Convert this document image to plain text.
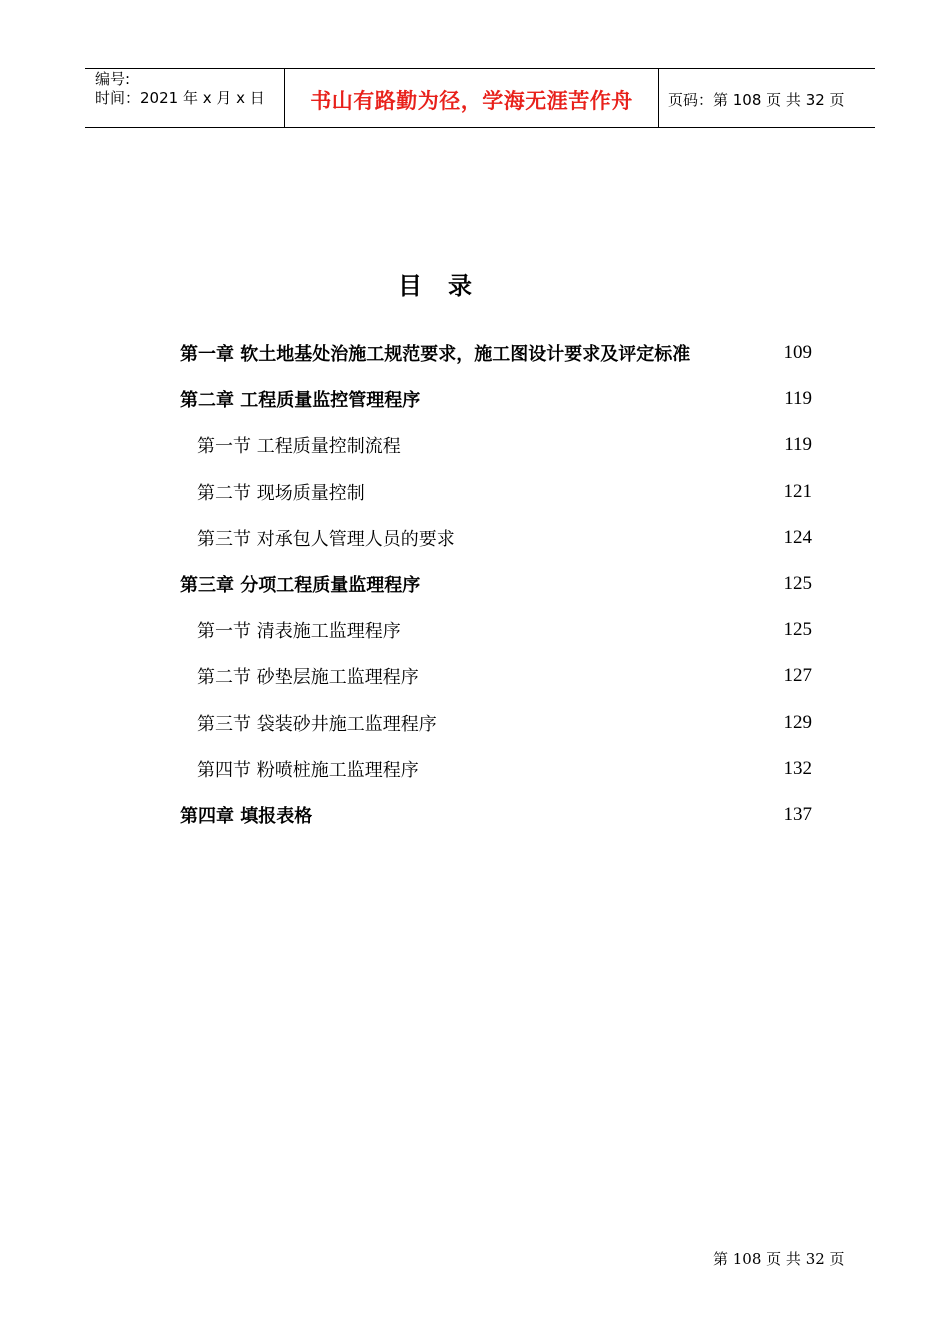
编号:
时间：2021 年 x 月 x 日	书山有路勤为径，学海无涯苦作舟	页码：第 108 页 共 32 页
目录
第一章 软土地基处治施工规范要求，施工图设计要求及评定标准	109
第二章 工程质量监控管理程序	119
第一节 工程质量控制流程	119
第二节 现场质量控制	121
第三节 对承包人管理人员的要求	124
第三章 分项工程质量监理程序	125
第一节 清表施工监理程序	125
第二节 砂垫层施工监理程序	127
第三节 袋装砂井施工监理程序	129
第四节 粉喷桩施工监理程序	132
第四章 填报表格	137
第 108 页 共 32 页
